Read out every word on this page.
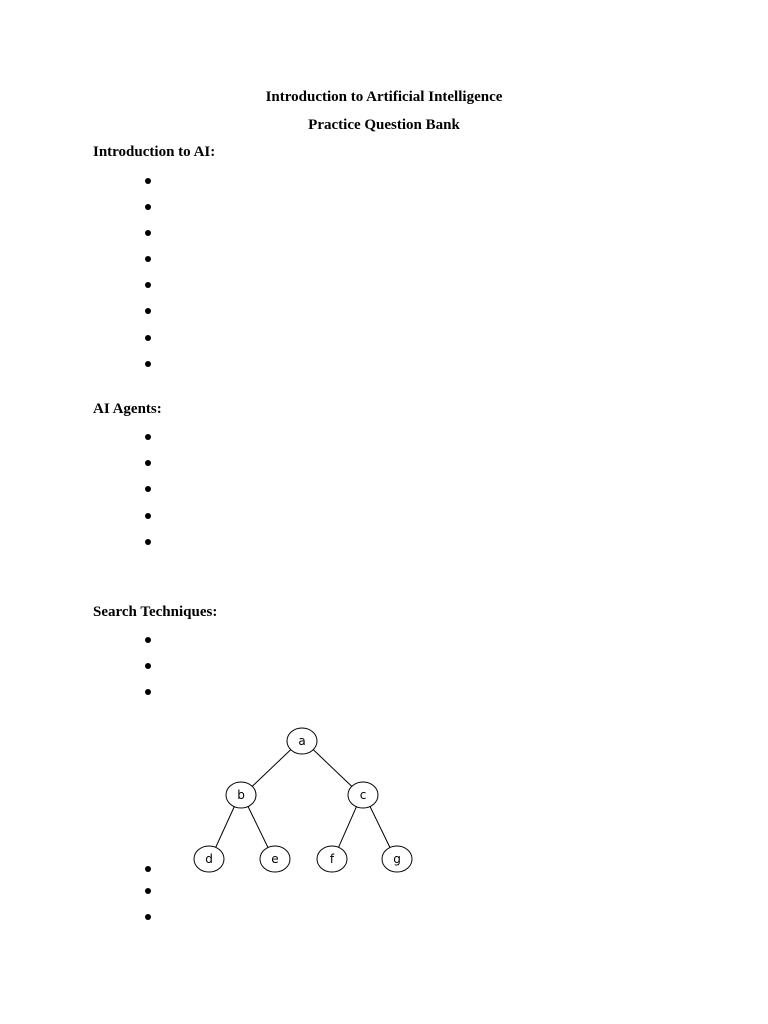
Introduction to Artificial Intelligence
Practice Question Bank
Introduction to AI:
AI Agents:
Search Techniques:
a
b	c
d	e	f	g
